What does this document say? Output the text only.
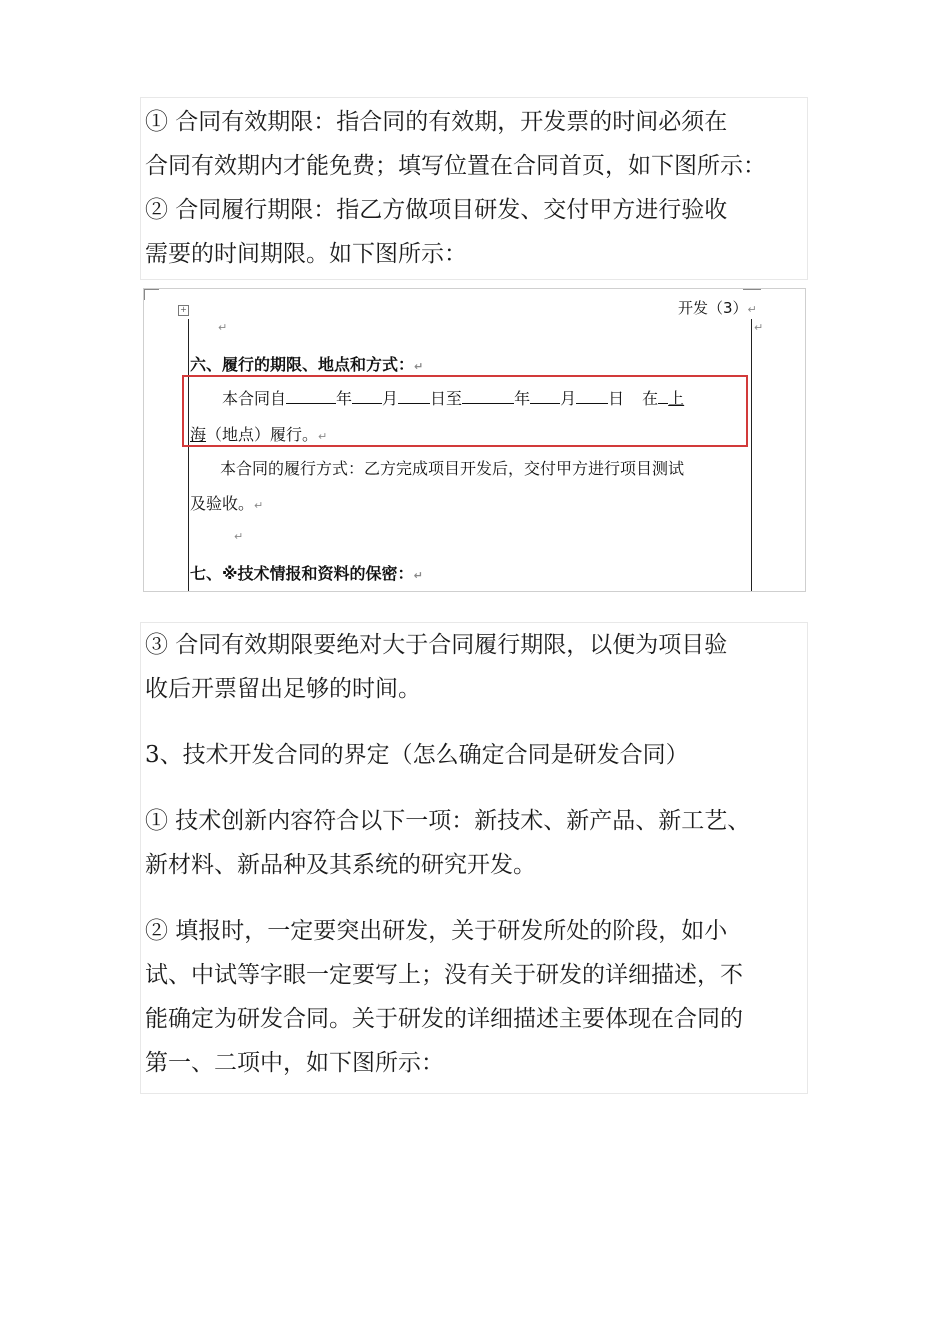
① 合同有效期限：指合同的有效期，开发票的时间必须在

合同有效期内才能免费；填写位置在合同首页，如下图所示：

② 合同履行期限：指乙方做项目研发、交付甲方进行验收

需要的时间期限。如下图所示：

+	开发（3）↵
↵	↵
六、履行的期限、地点和方式：↵
本合同自	年 月 日至	年 月 日 在 上
海（地点）履行。↵
本合同的履行方式：乙方完成项目开发后，交付甲方进行项目测试
及验收。↵
↵
七、※技术情报和资料的保密：↵

③ 合同有效期限要绝对大于合同履行期限，以便为项目验

收后开票留出足够的时间。

3、技术开发合同的界定（怎么确定合同是研发合同）

① 技术创新内容符合以下一项：新技术、新产品、新工艺、

新材料、新品种及其系统的研究开发。

② 填报时，一定要突出研发，关于研发所处的阶段，如小

试、中试等字眼一定要写上；没有关于研发的详细描述，不

能确定为研发合同。关于研发的详细描述主要体现在合同的

第一、二项中，如下图所示：
